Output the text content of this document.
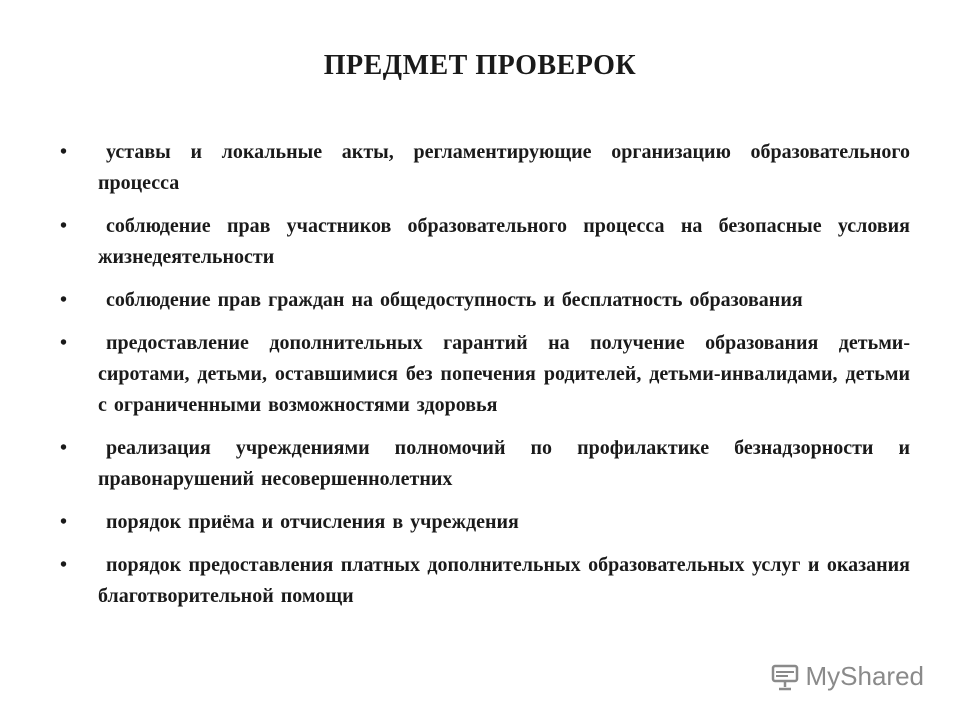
ПРЕДМЕТ ПРОВЕРОК
•	уставы и локальные акты, регламентирующие организацию образовательного процесса
•	соблюдение прав участников образовательного процесса на безопасные условия жизнедеятельности
•	соблюдение прав граждан на общедоступность и бесплатность образования
•	предоставление дополнительных гарантий на получение образования детьми-сиротами, детьми, оставшимися без попечения родителей, детьми-инвалидами, детьми с ограниченными возможностями здоровья
•	реализация учреждениями полномочий по профилактике безнадзорности и правонарушений несовершеннолетних
•	порядок приёма и отчисления в учреждения
•	порядок предоставления платных дополнительных образовательных услуг и оказания благотворительной помощи
MyShared
